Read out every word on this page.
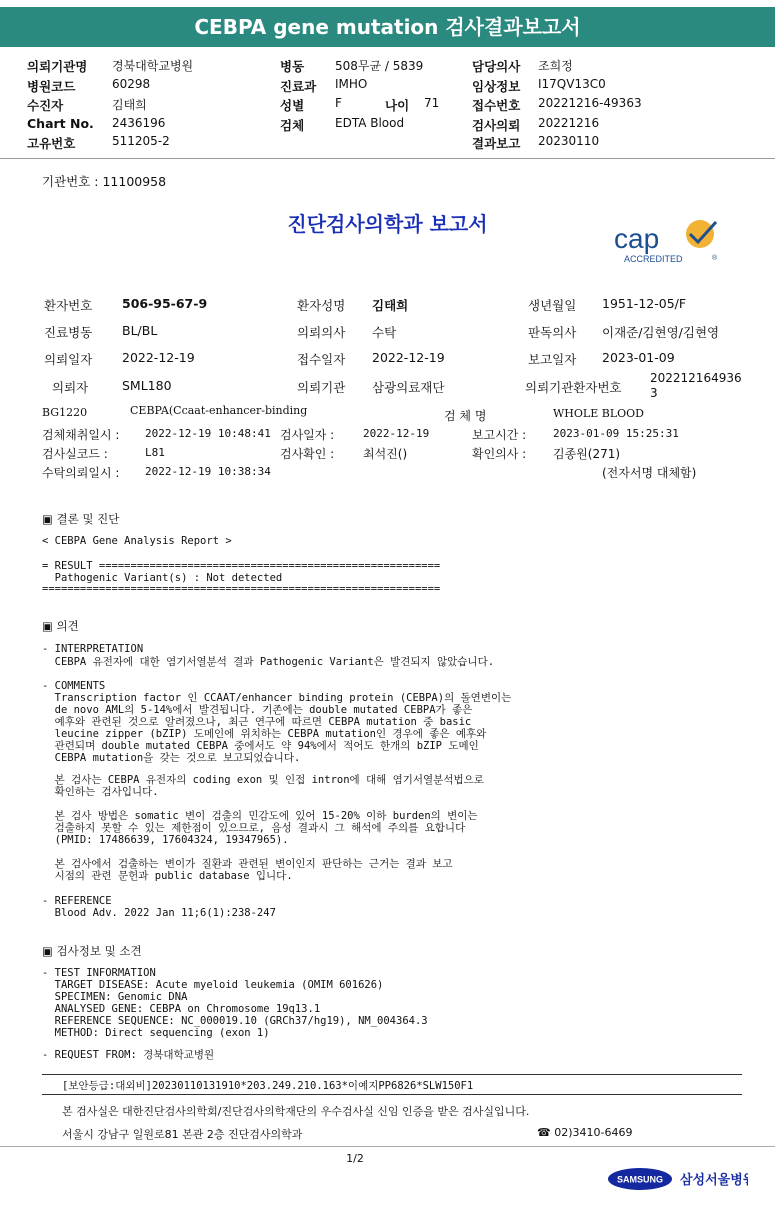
CEBPA gene mutation 검사결과보고서
의뢰기관명 경북대학교병원
병원코드	60298
수진자	김태희
Chart No. 2436196
고유번호	511205-2
병동	508무균 / 5839
진료과 IMHO
성별	F	나이 71
검체	EDTA Blood
담당의사 조희정
임상정보 I17QV13C0
접수번호 20221216-49363
검사의뢰 20221216
결과보고 20230110
기관번호 : 11100958
진단검사의학과 보고서	cap
®
ACCREDITED
환자번호 506-95-67-9	환자성명 김태희	생년월일 1951-12-05/F
진료병동 BL/BL	의뢰의사 수탁	판독의사 이재준/김현영/김현영
의뢰일자 2022-12-19	접수일자 2022-12-19	보고일자 2023-01-09
의뢰자	SML180	의뢰기관 삼광의료재단	의뢰기관환자번호
202212164936
3
BG1220	CEBPA(Ccaat-enhancer-binding	검 체 명	WHOLE BLOOD
검체채취일시 : 2022-12-19 10:48:41 검사일자 :	2022-12-19	보고시간 : 2023-01-09 15:25:31
검사실코드 :	L81	검사확인 : 최석진()	확인의사 : 김종원(271)
수탁의뢰일시 : 2022-12-19 10:38:34	(전자서명 대체함)
▣ 결론 및 진단
< CEBPA Gene Analysis Report >
= RESULT ======================================================
Pathogenic Variant(s) : Not detected
===============================================================
▣ 의견
- INTERPRETATION
CEBPA 유전자에 대한 염기서열분석 결과 Pathogenic Variant은 발견되지 않았습니다.
- COMMENTS
Transcription factor 인 CCAAT/enhancer binding protein (CEBPA)의 돌연변이는
de novo AML의 5-14%에서 발견됩니다. 기존에는 double mutated CEBPA가 좋은
예후와 관련된 것으로 알려졌으나, 최근 연구에 따르면 CEBPA mutation 중 basic
leucine zipper (bZIP) 도메인에 위치하는 CEBPA mutation인 경우에 좋은 예후와
관련되며 double mutated CEBPA 중에서도 약 94%에서 적어도 한개의 bZIP 도메인
CEBPA mutation을 갖는 것으로 보고되었습니다.
본 검사는 CEBPA 유전자의 coding exon 및 인접 intron에 대해 염기서열분석법으로
확인하는 검사입니다.
본 검사 방법은 somatic 변이 검출의 민감도에 있어 15-20% 이하 burden의 변이는
검출하지 못할 수 있는 제한점이 있으므로, 음성 결과시 그 해석에 주의를 요합니다
(PMID: 17486639, 17604324, 19347965).
본 검사에서 검출하는 변이가 질환과 관련된 변이인지 판단하는 근거는 결과 보고
시점의 관련 문헌과 public database 입니다.
- REFERENCE
Blood Adv. 2022 Jan 11;6(1):238-247
▣ 검사정보 및 소견
- TEST INFORMATION
TARGET DISEASE: Acute myeloid leukemia (OMIM 601626)
SPECIMEN: Genomic DNA
ANALYSED GENE: CEBPA on Chromosome 19q13.1
REFERENCE SEQUENCE: NC_000019.10 (GRCh37/hg19), NM_004364.3
METHOD: Direct sequencing (exon 1)
- REQUEST FROM: 경북대학교병원
[보안등급:대외비]20230110131910*203.249.210.163*이예지PP6826*SLW150F1
본 검사실은 대한진단검사의학회/진단검사의학재단의 우수검사실 신임 인증을 받은 검사실입니다.
서울시 강남구 일원로81 본관 2층 진단검사의학과	☎ 02)3410-6469
1/2
SAMSUNG 삼성서울병원
